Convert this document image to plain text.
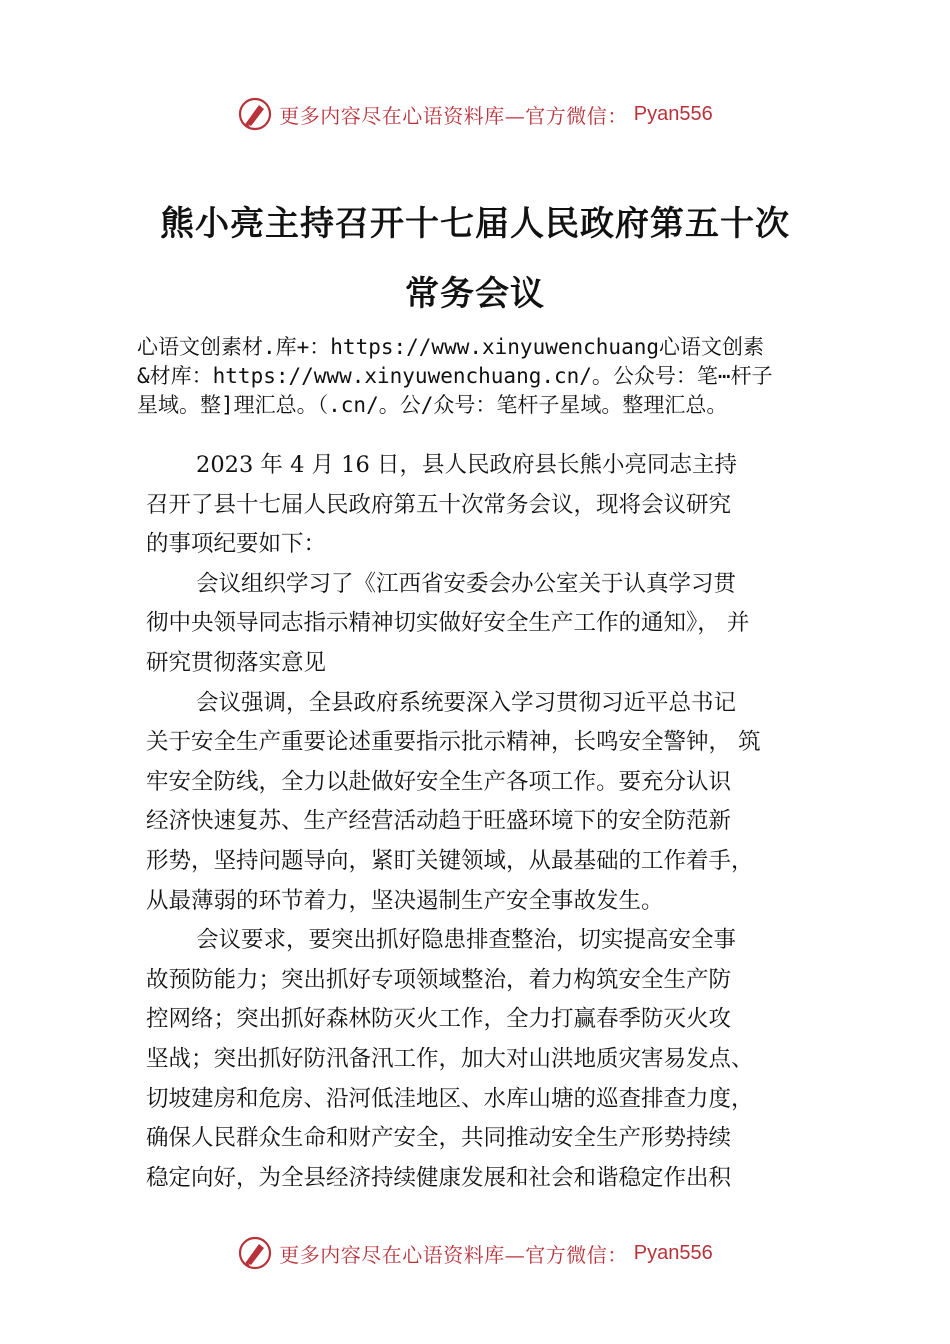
更多内容尽在心语资料库—官方微信： Pyan556
熊小亮主持召开十七届人民政府第五十次
常务会议
心语文创素材.库+：https://www.xinyuwenchuang心语文创素
&材库：https://www.xinyuwenchuang.cn/。公众号：笔⋯杆子
星域。整]理汇总。（.cn/。公/众号：笔杆子星域。整理汇总。
2023 年 4 月 16 日，县人民政府县长熊小亮同志主持
召开了县十七届人民政府第五十次常务会议，现将会议研究
的事项纪要如下：
会议组织学习了《江西省安委会办公室关于认真学习贯
彻中央领导同志指示精神切实做好安全生产工作的通知》， 并
研究贯彻落实意见
会议强调，全县政府系统要深入学习贯彻习近平总书记
关于安全生产重要论述重要指示批示精神，长鸣安全警钟， 筑
牢安全防线，全力以赴做好安全生产各项工作。要充分认识
经济快速复苏、生产经营活动趋于旺盛环境下的安全防范新
形势，坚持问题导向，紧盯关键领域，从最基础的工作着手，
从最薄弱的环节着力，坚决遏制生产安全事故发生。
会议要求，要突出抓好隐患排查整治，切实提高安全事
故预防能力；突出抓好专项领域整治，着力构筑安全生产防
控网络；突出抓好森林防灭火工作，全力打赢春季防灭火攻
坚战；突出抓好防汛备汛工作，加大对山洪地质灾害易发点、
切坡建房和危房、沿河低洼地区、水库山塘的巡查排查力度，
确保人民群众生命和财产安全，共同推动安全生产形势持续
稳定向好，为全县经济持续健康发展和社会和谐稳定作出积
更多内容尽在心语资料库—官方微信： Pyan556
